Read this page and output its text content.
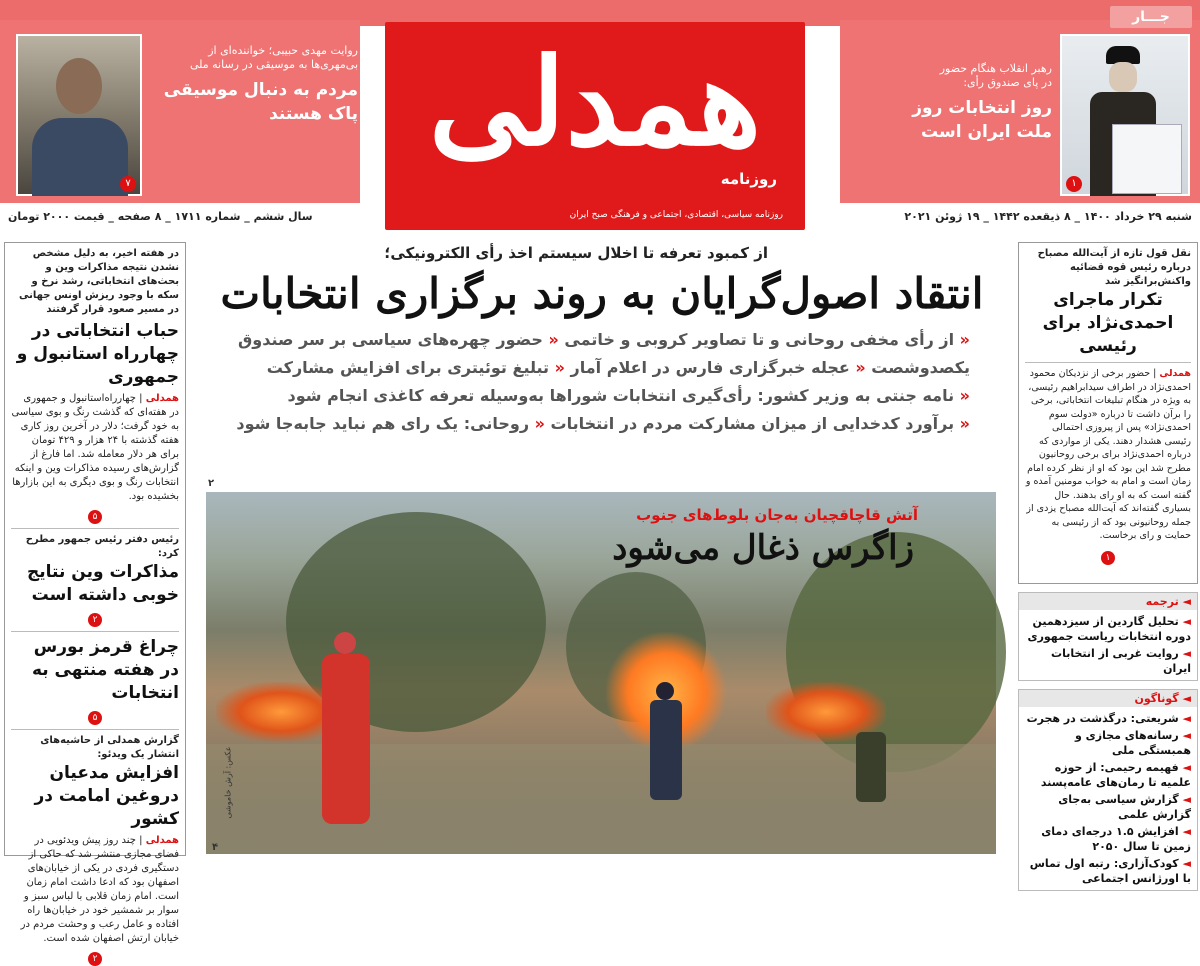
جـــار
همدلی
روزنامه
روزنامه سیاسی، اقتصادی، اجتماعی و فرهنگی صبح ایران
۷
روایت مهدی حبیبی؛ خواننده‌ای از
بی‌مهری‌ها به موسیقی در رسانه ملی
مردم به دنبال موسیقی
پاک هستند
رهبر انقلاب هنگام حضور
در پای صندوق رأی:
روز انتخابات روز
ملت ایران است
۱
شنبه ۲۹ خرداد ۱۴۰۰ _ ۸ ذیقعده ۱۴۴۲ _ ۱۹ ژوئن ۲۰۲۱
سال ششم _ شماره ۱۷۱۱ _ ۸ صفحه _ قیمت ۲۰۰۰ تومان
در هفته اخیر، به دلیل مشخص نشدن نتیجه مذاکرات وین و بحث‌های انتخاباتی، رشد نرخ و سکه با وجود ریزش اونس جهانی در مسیر صعود قرار گرفتند
حباب انتخاباتی در چهارراه استانبول و جمهوری
همدلی | چهارراه‌استانبول و جمهوری در هفته‌ای که گذشت رنگ و بوی سیاسی به خود گرفت؛ دلار در آخرین روز کاری هفته گذشته با ۲۴ هزار و ۴۲۹ تومان برای هر دلار معامله شد. اما فارغ از گزارش‌های رسیده مذاکرات وین و اینکه انتخابات رنگ و بوی دیگری به این بازارها بخشیده بود.
۵
رئیس دفتر رئیس جمهور مطرح کرد:
مذاکرات وین نتایج خوبی داشته است
۲
چراغ قرمز بورس در هفته منتهی به انتخابات
۵
گزارش همدلی از حاشیه‌های انتشار یک ویدئو:
افزایش مدعیان دروغین امامت در کشور
همدلی | چند روز پیش ویدئویی در فضای مجازی منتشر شد که حاکی از دستگیری فردی در یکی از خیابان‌های اصفهان بود که ادعا داشت امام زمان است. امام زمان قلابی با لباس سبز و سوار بر شمشیر خود در خیابان‌ها راه افتاده و عامل رعب و وحشت مردم در خیابان ارتش اصفهان شده است.
۲
از کمبود تعرفه تا اخلال سیستم اخذ رأی الکترونیکی؛
انتقاد اصول‌گرایان به روند برگزاری انتخابات
« از رأی مخفی روحانی و تا تصاویر کروبی و خاتمی « حضور چهره‌های سیاسی بر سر صندوق
یکصدوشصت « عجله خبرگزاری فارس در اعلام آمار « تبلیغ توئیتری برای افزایش مشارکت
« نامه جنتی به وزیر کشور: رأی‌گیری انتخابات شوراها به‌وسیله تعرفه کاغذی انجام شود
« برآورد کدخدایی از میزان مشارکت مردم در انتخابات « روحانی: یک رای هم نباید جابه‌جا شود
۲
آتش قاچاقچیان به‌جان بلوط‌های جنوب
زاگرس ذغال می‌شود
عکس: آرش خاموشی
۴
نقل قول تازه از آیت‌الله مصباح درباره رئیس قوه قضائیه واکنش‌برانگیز شد
تکرار ماجرای احمدی‌نژاد برای رئیسی
همدلی | حضور برخی از نزدیکان محمود احمدی‌نژاد در اطراف سیدابراهیم رئیسی، به ویژه در هنگام تبلیغات انتخاباتی، برخی را برآن داشت تا درباره «دولت سوم احمدی‌نژاد» پس از پیروزی احتمالی رئیسی هشدار دهند. یکی از مواردی که درباره احمدی‌نژاد برای برخی روحانیون مطرح شد این بود که او از نظر کرده امام زمان است و امام به خواب مومنین آمده و گفته است که به او رای بدهند. حال بسیاری گفته‌اند که آیت‌الله مصباح یزدی از جمله روحانیونی بود که از رئیسی به حمایت و رای برخاست.
۱
◄ ترجمه
◄ تحلیل گاردین از سیزدهمین دوره انتخابات ریاست جمهوری
◄ روایت غربی از انتخابات ایران
◄ گوناگون
◄ شریعتی: درگذشت در هجرت
◄ رسانه‌های مجازی و همبستگی ملی
◄ فهیمه رحیمی: از حوزه علمیه تا رمان‌های عامه‌پسند
◄ گزارش سیاسی به‌جای گزارش علمی
◄ افزایش ۱.۵ درجه‌ای دمای زمین تا سال ۲۰۵۰
◄ کودک‌آزاری: رتبه اول تماس با اورژانس اجتماعی
